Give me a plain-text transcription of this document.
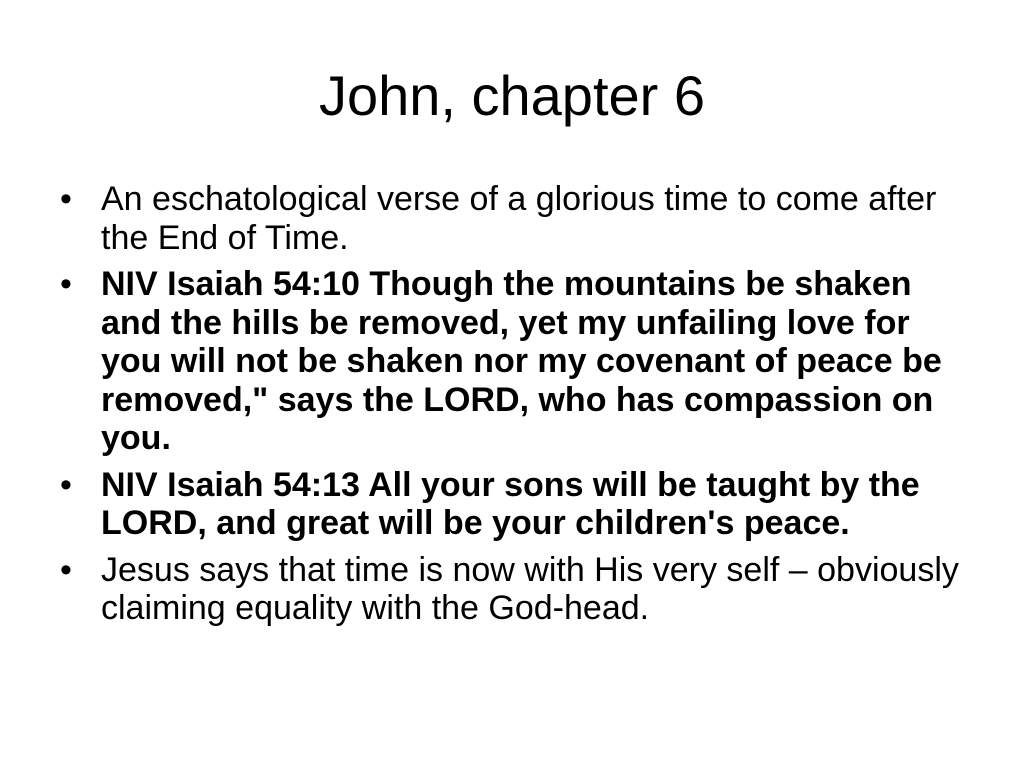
John, chapter 6
• An eschatological verse of a glorious time to come after the End of Time.
• NIV Isaiah 54:10 Though the mountains be shaken and the hills be removed, yet my unfailing love for you will not be shaken nor my covenant of peace be removed," says the LORD, who has compassion on you.
• NIV Isaiah 54:13 All your sons will be taught by the LORD, and great will be your children's peace.
• Jesus says that time is now with His very self – obviously claiming equality with the God-head.
